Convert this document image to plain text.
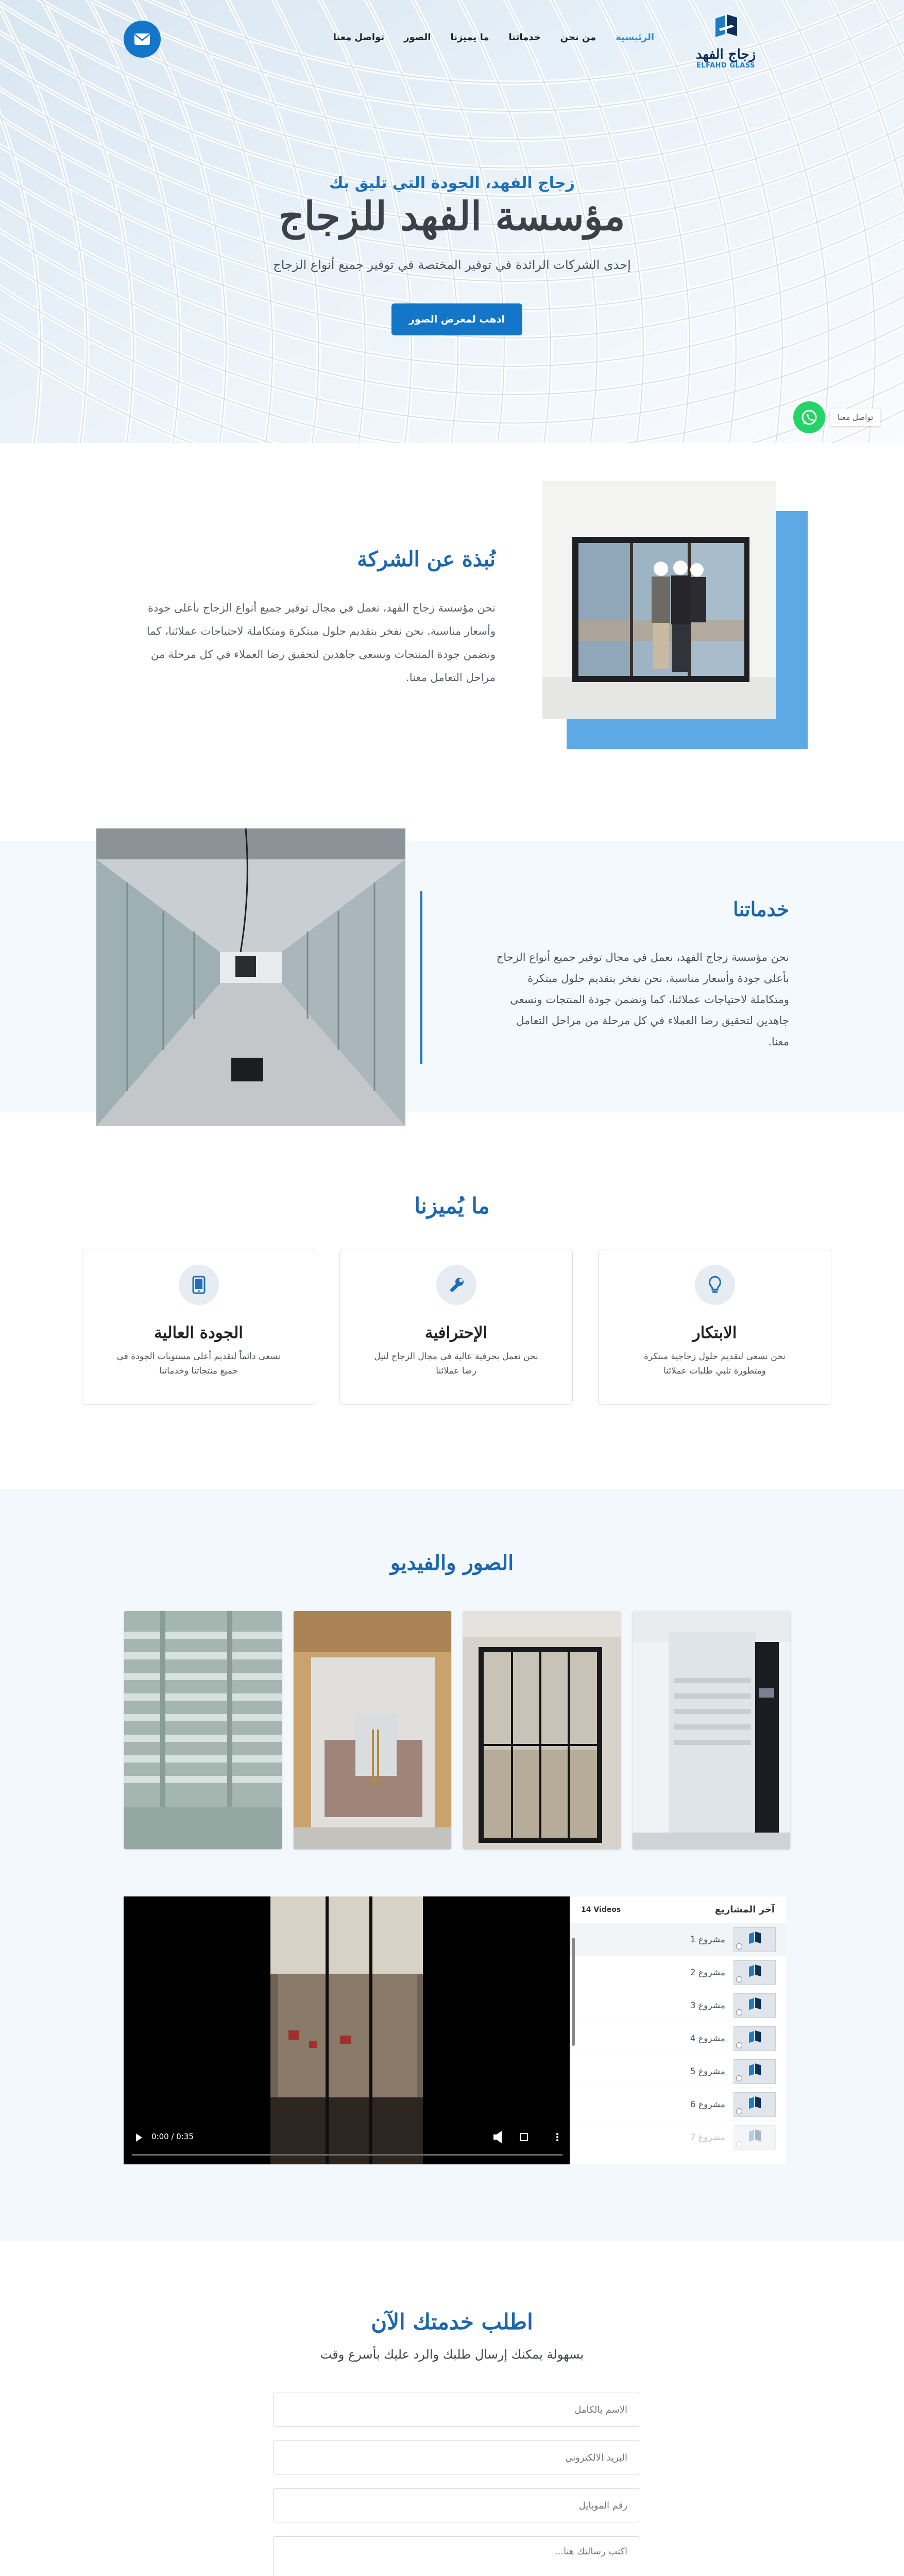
زجاج الفهد
ELFAHD GLASS
الرئيسية
من نحن
خدماتنا
ما يميزنا
الصور
تواصل معنا
زجاج الفهد، الجودة التي تليق بك
مؤسسة الفهد للزجاج
إحدى الشركات الرائدة في توفير المختصة في توفير جميع أنواع الزجاج
اذهب لمعرض الصور
تواصل معنا
نُبذة عن الشركة

نحن مؤسسة زجاج الفهد، نعمل في مجال توفير جميع أنواع الزجاج بأعلى جودة وأسعار مناسبة. نحن نفخر بتقديم حلول مبتكرة ومتكاملة لاحتياجات عملائنا، كما ونضمن جودة المنتجات ونسعى جاهدين لتحقيق رضا العملاء في كل مرحلة من مراحل التعامل معنا.

خدماتنا

نحن مؤسسة زجاج الفهد، نعمل في مجال توفير جميع أنواع الزجاج بأعلى جودة وأسعار مناسبة. نحن نفخر بتقديم حلول مبتكرة ومتكاملة لاحتياجات عملائنا، كما ونضمن جودة المنتجات ونسعى جاهدين لتحقيق رضا العملاء في كل مرحلة من مراحل التعامل معنا.

ما يُميزنا
الابتكار

نحن نسعى لتقديم حلول زجاجية مبتكرة ومتطورة تلبي طلبات عملائنا

الإحترافية

نحن نعمل بحرفية عالية في مجال الزجاج لنيل رضا عملائنا

الجودة العالية

نسعى دائماً لتقديم أعلى مستويات الجودة في جميع منتجاتنا وخدماتنا

الصور والفيديو
0:00 / 0:35
آخر المشاريع
14 Videos
مشروع 1
مشروع 2
مشروع 3
مشروع 4
مشروع 5
مشروع 6
مشروع 7
اطلب خدمتك الآن

بسهولة يمكنك إرسال طلبك والرد عليك بأسرع وقت

الاسم بالكامل
البريد الالكتروني
رقم الموبايل
اكتب رسالتك هنا...
